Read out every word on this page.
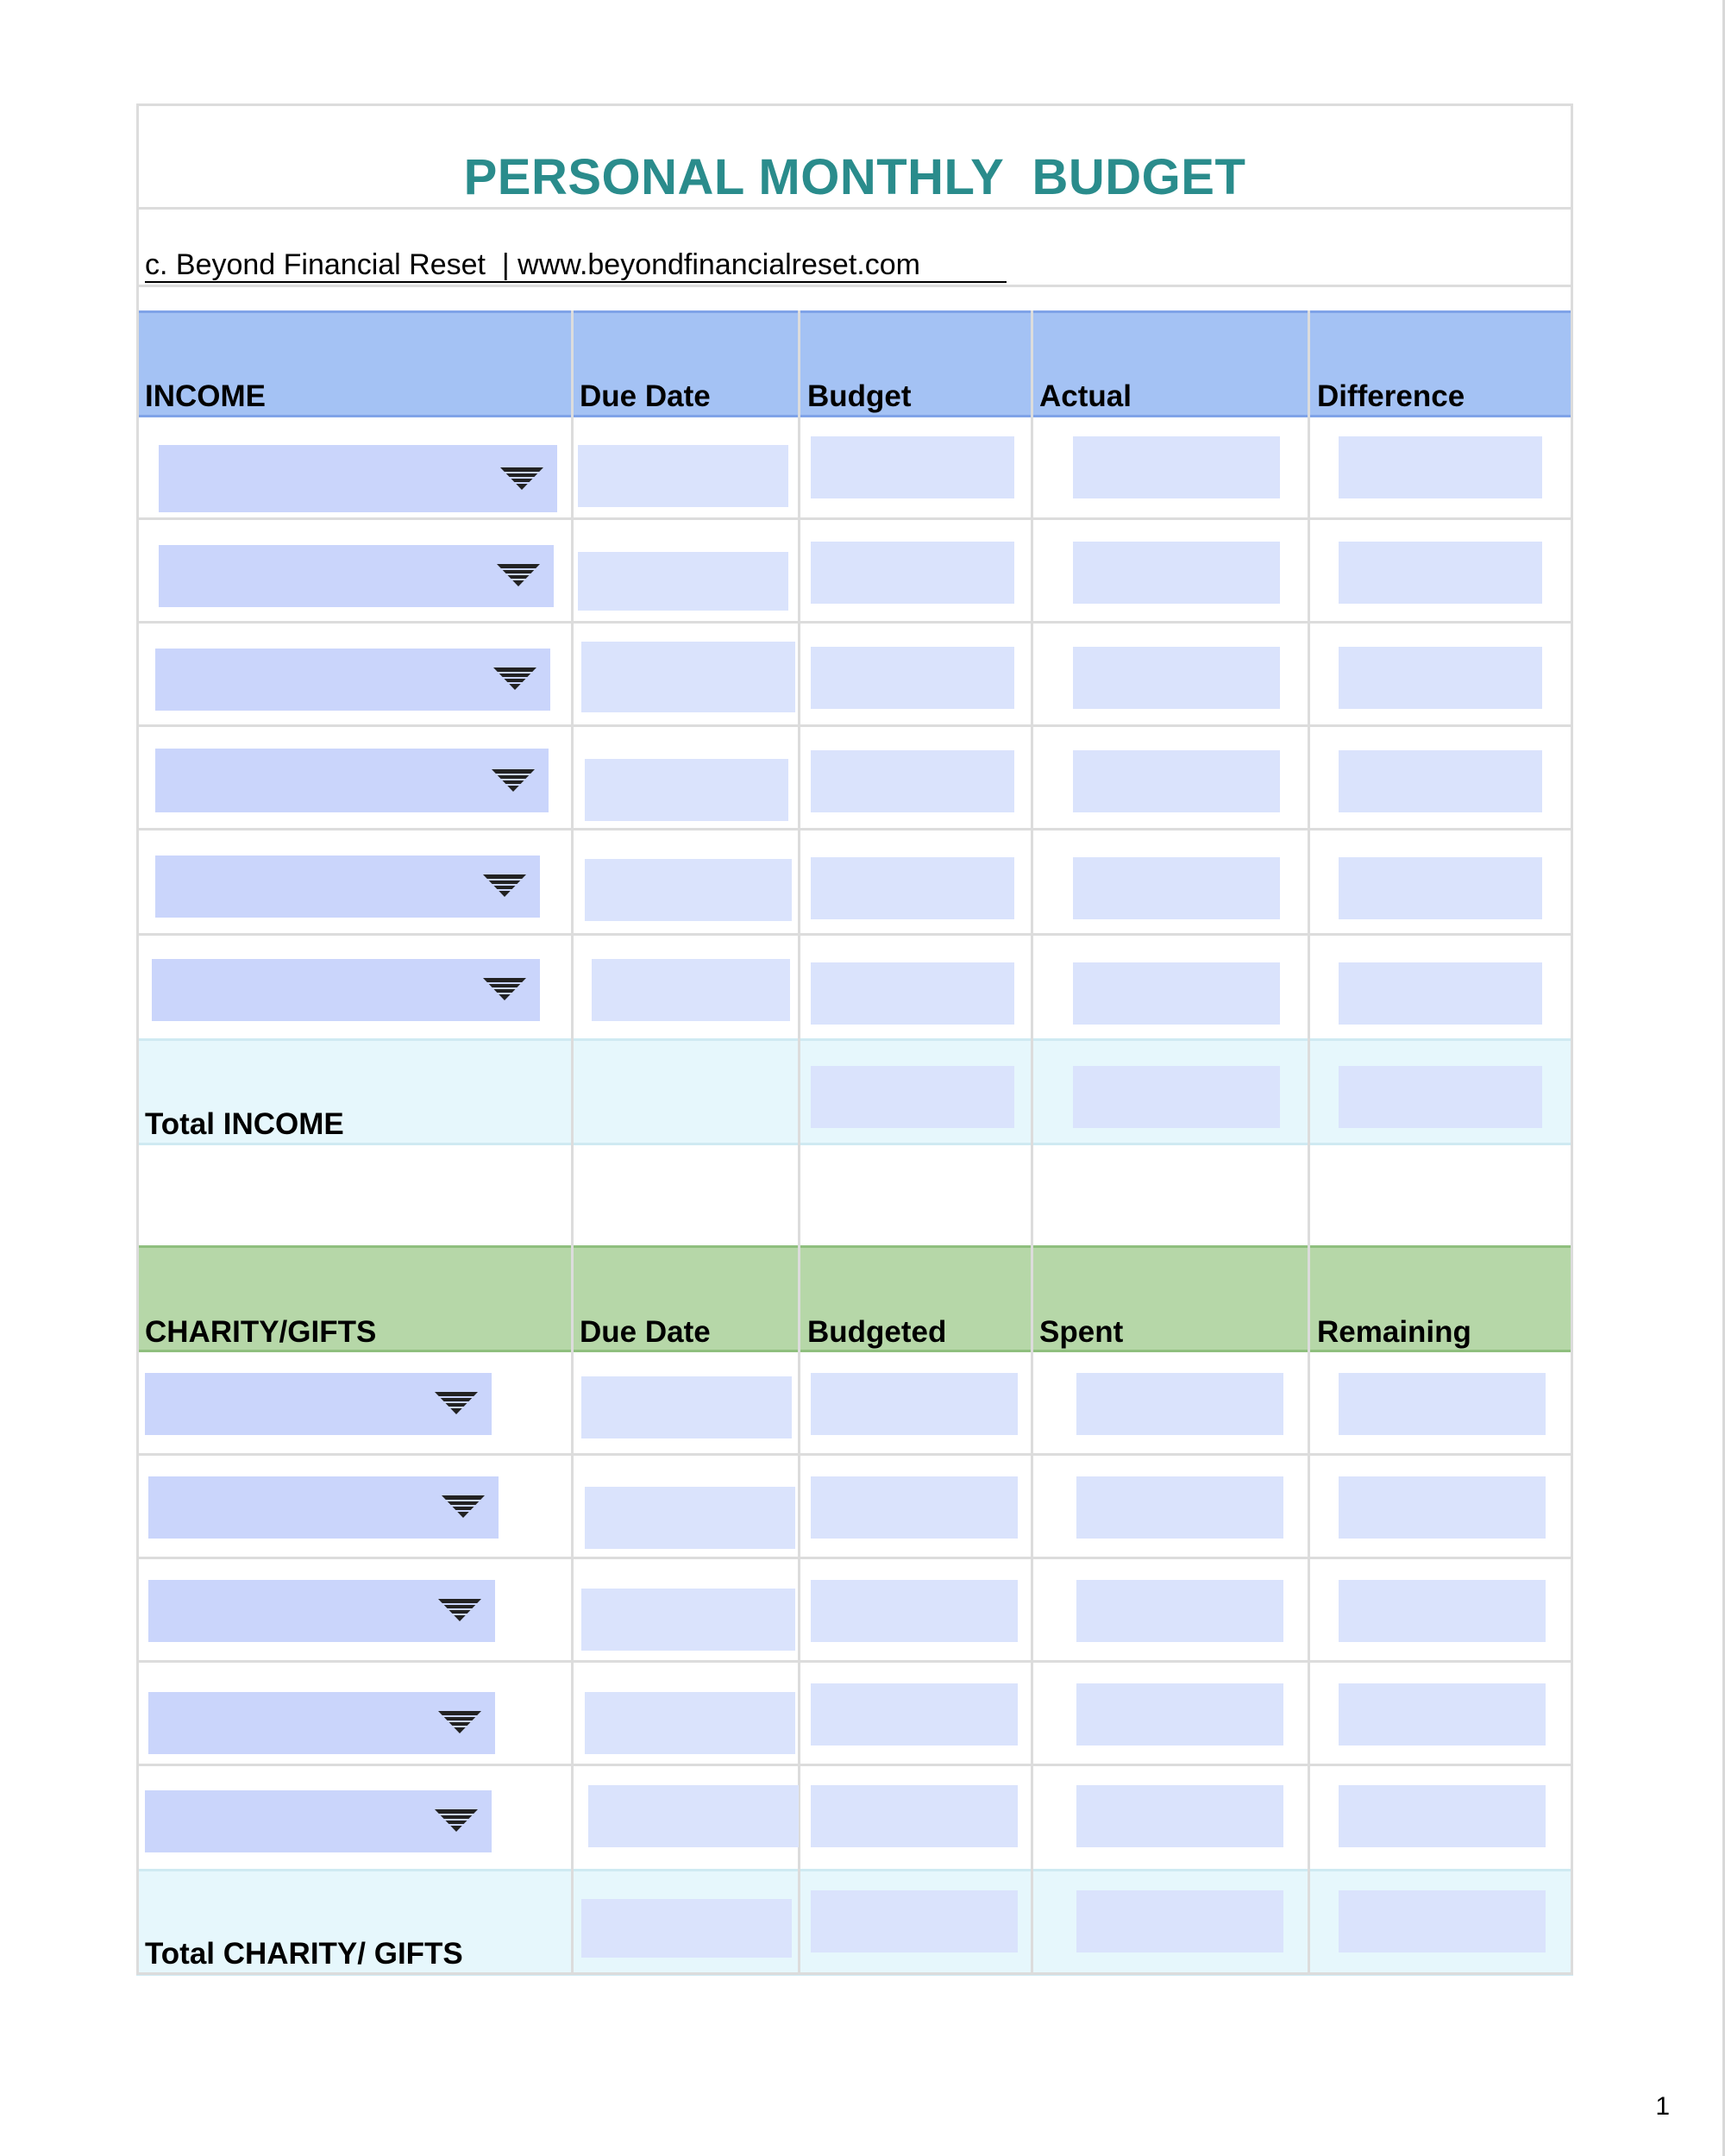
PERSONAL MONTHLY  BUDGET
c. Beyond Financial Reset  | www.beyondfinancialreset.com
INCOME	Due Date	Budget	Actual	Difference
Total INCOME
CHARITY/GIFTS	Due Date	Budgeted	Spent	Remaining
Total CHARITY/ GIFTS
1
